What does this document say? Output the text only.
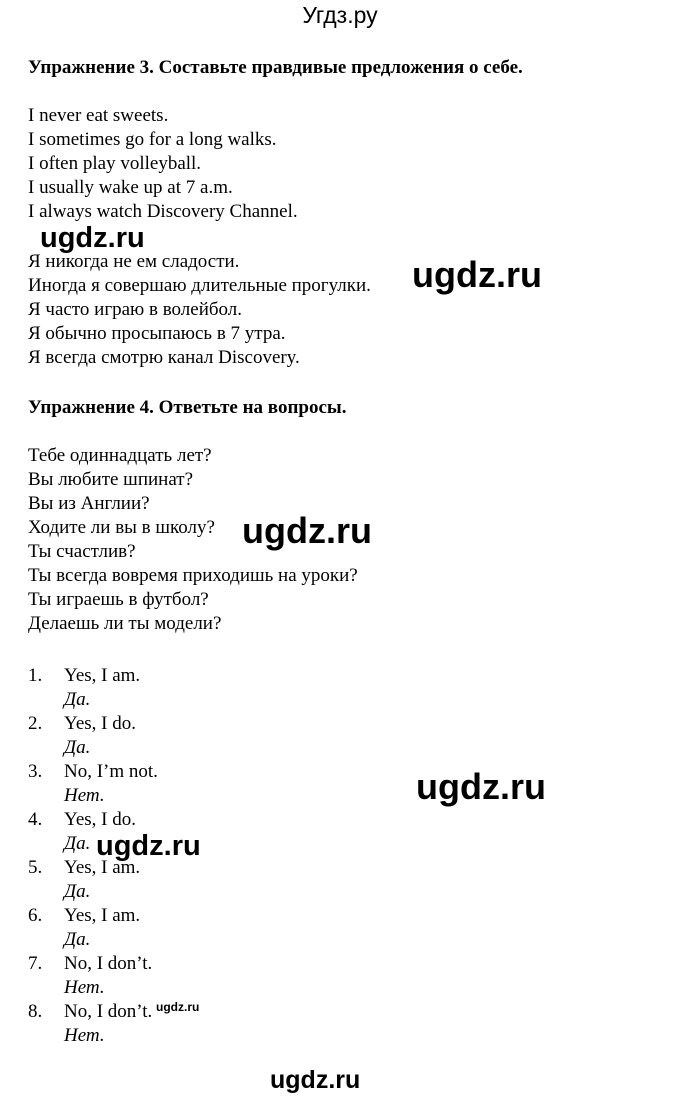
Угдз.ру
Упражнение 3. Составьте правдивые предложения о себе.
I never eat sweets.
I sometimes go for a long walks.
I often play volleyball.
I usually wake up at 7 a.m.
I always watch Discovery Channel.
Я никогда не ем сладости.
Иногда я совершаю длительные прогулки.
Я часто играю в волейбол.
Я обычно просыпаюсь в 7 утра.
Я всегда смотрю канал Discovery.
Упражнение 4. Ответьте на вопросы.
Тебе одиннадцать лет?
Вы любите шпинат?
Вы из Англии?
Ходите ли вы в школу?
Ты счастлив?
Ты всегда вовремя приходишь на уроки?
Ты играешь в футбол?
Делаешь ли ты модели?
1. Yes, I am.
Да.
2. Yes, I do.
Да.
3. No, I’m not.
Нет.
4. Yes, I do.
Да.
5. Yes, I am.
Да.
6. Yes, I am.
Да.
7. No, I don’t.
Нет.
8. No, I don’t.
Нет.
ugdz.ru
ugdz.ru
ugdz.ru
ugdz.ru
ugdz.ru
ugdz.ru
ugdz.ru
